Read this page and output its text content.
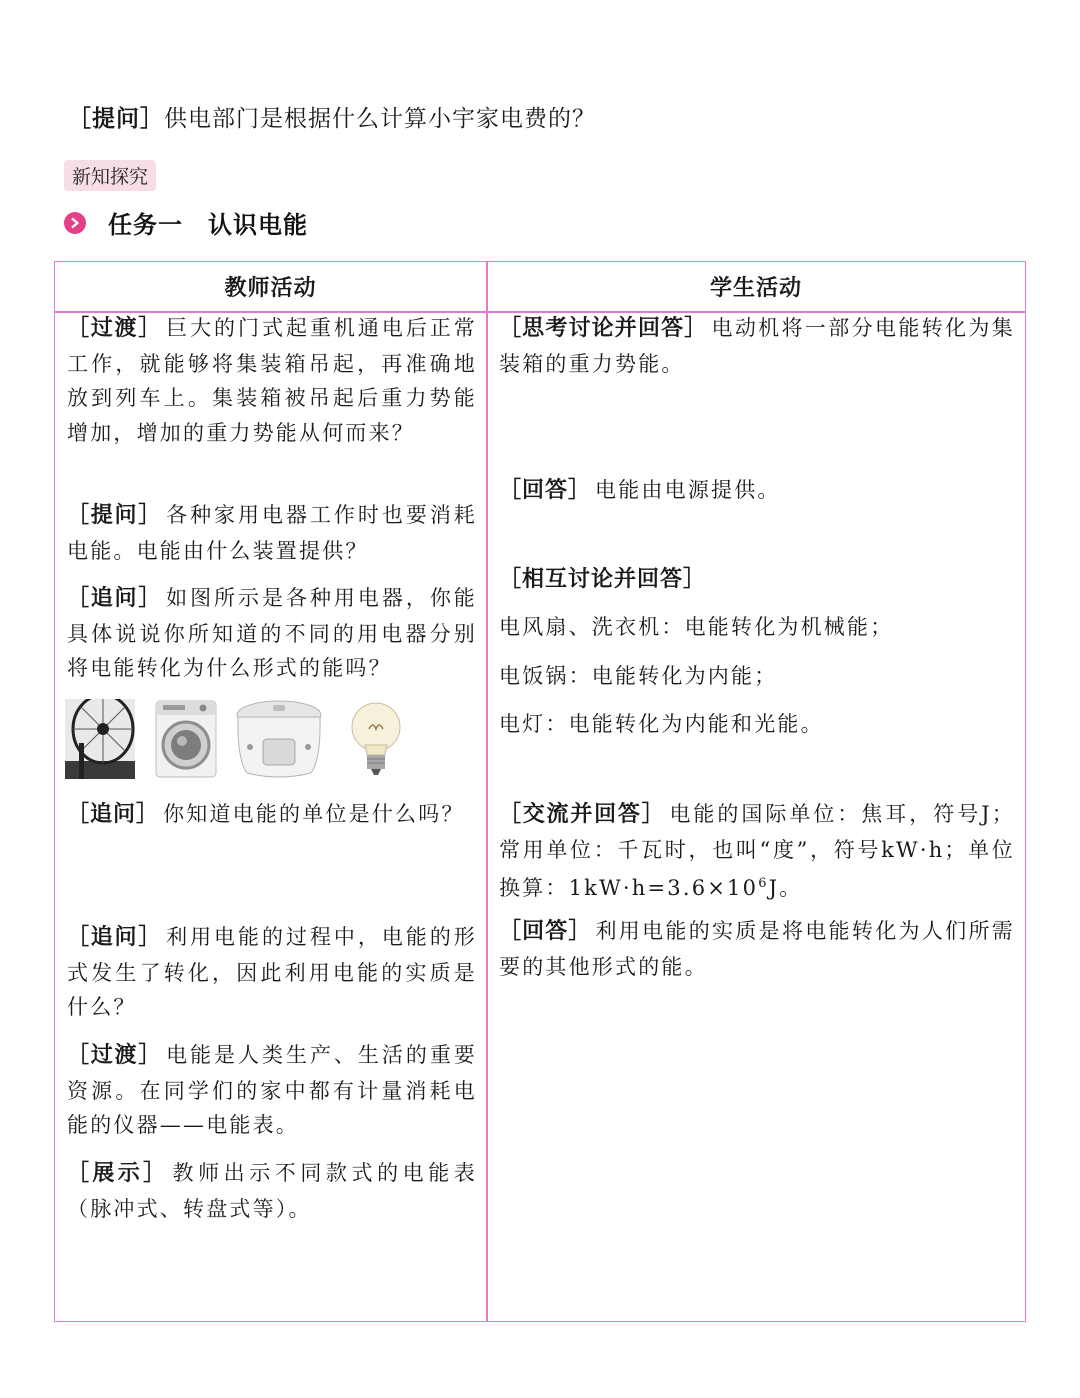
［提问］供电部门是根据什么计算小宇家电费的？
新知探究
任务一　认识电能
教师活动	学生活动
［过渡］ 巨大的门式起重机通电后正常工作，就能够将集装箱吊起，再准确地放到列车上。集装箱被吊起后重力势能增加，增加的重力势能从何而来？
［提问］ 各种家用电器工作时也要消耗电能。电能由什么装置提供？
［追问］ 如图所示是各种用电器，你能具体说说你所知道的不同的用电器分别将电能转化为什么形式的能吗？
［追问］ 你知道电能的单位是什么吗？
［追问］ 利用电能的过程中，电能的形式发生了转化，因此利用电能的实质是什么？
［过渡］ 电能是人类生产、生活的重要资源。在同学们的家中都有计量消耗电能的仪器——电能表。
［展示］ 教师出示不同款式的电能表（脉冲式、转盘式等）。
［思考讨论并回答］ 电动机将一部分电能转化为集装箱的重力势能。
［回答］ 电能由电源提供。
［相互讨论并回答］
电风扇、洗衣机：电能转化为机械能；
电饭锅：电能转化为内能；
电灯：电能转化为内能和光能。
［交流并回答］ 电能的国际单位：焦耳，符号J；常用单位：千瓦时，也叫“度”，符号kW·h；单位换算：$1kW\cdot h=3.6\times 10^6J$。
［回答］ 利用电能的实质是将电能转化为人们所需要的其他形式的能。
